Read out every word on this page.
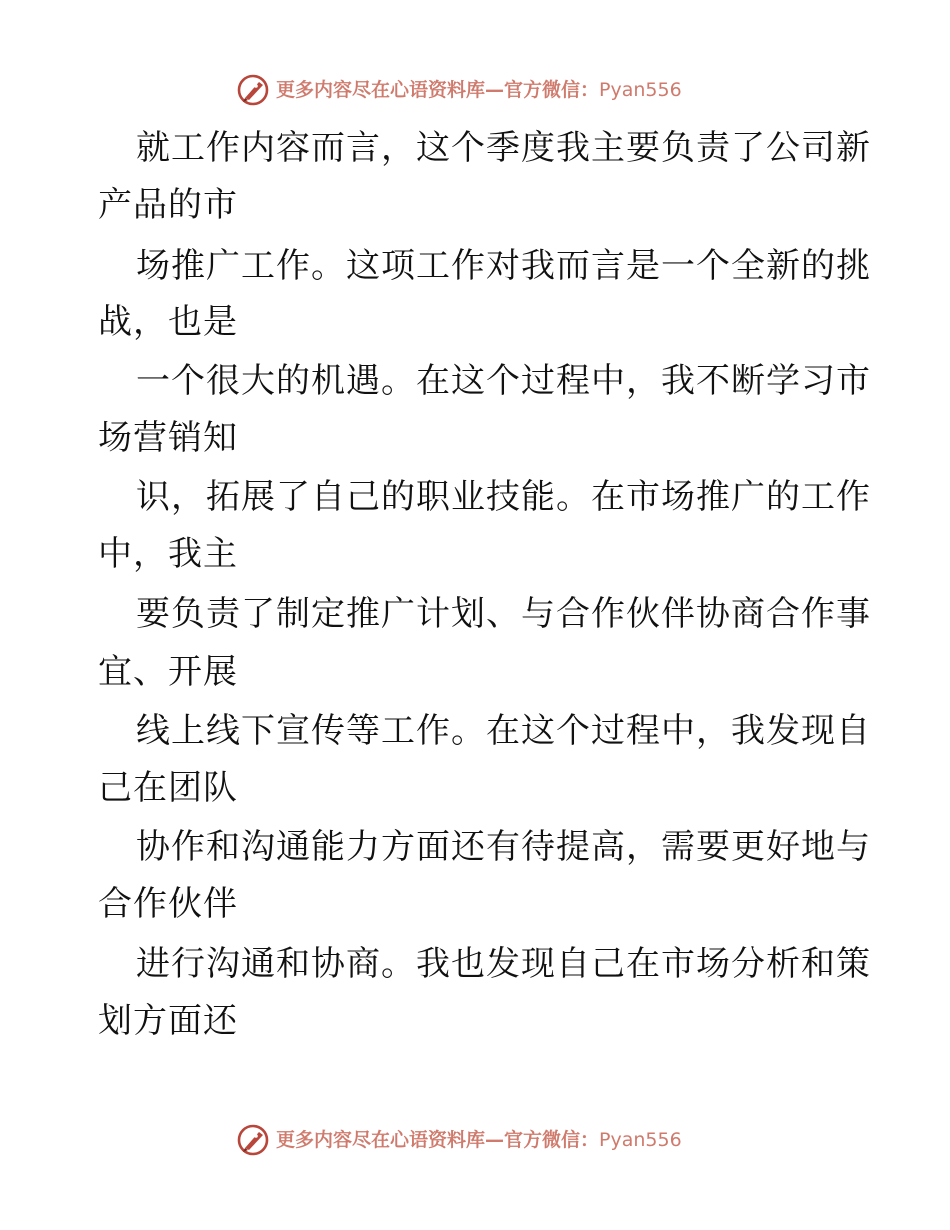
更多内容尽在心语资料库—官方微信：Pyan556
就工作内容而言，这个季度我主要负责了公司新
产品的市
场推广工作。这项工作对我而言是一个全新的挑
战，也是
一个很大的机遇。在这个过程中，我不断学习市
场营销知
识，拓展了自己的职业技能。在市场推广的工作
中，我主
要负责了制定推广计划、与合作伙伴协商合作事
宜、开展
线上线下宣传等工作。在这个过程中，我发现自
己在团队
协作和沟通能力方面还有待提高，需要更好地与
合作伙伴
进行沟通和协商。我也发现自己在市场分析和策
划方面还
更多内容尽在心语资料库—官方微信：Pyan556
